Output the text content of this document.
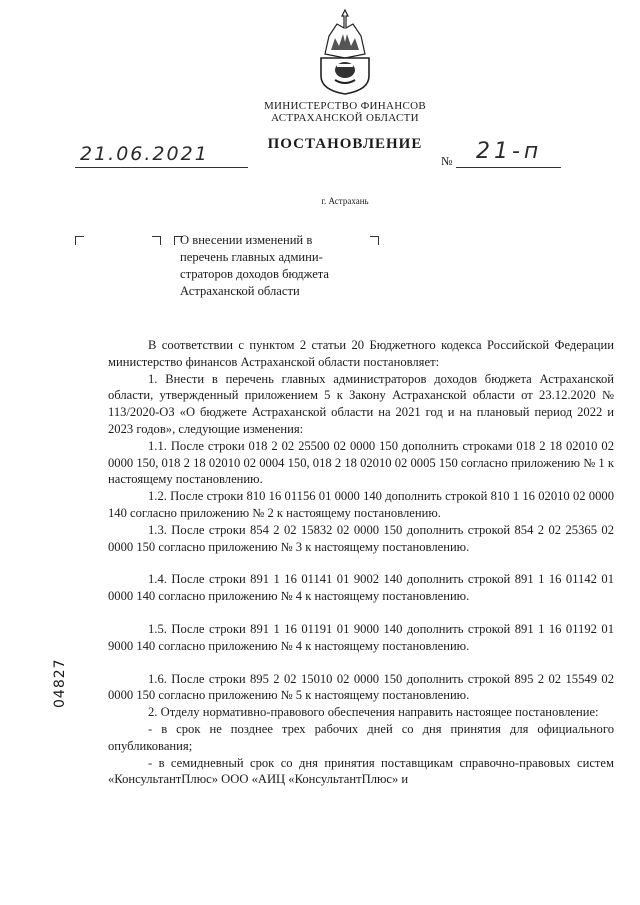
МИНИСТЕРСТВО ФИНАНСОВ
АСТРАХАНСКОЙ ОБЛАСТИ
ПОСТАНОВЛЕНИЕ
21.06.2021	№ 21-п
г. Астрахань
О внесении изменений в
перечень главных админи-
страторов доходов бюджета
Астраханской области

В соответствии с пунктом 2 статьи 20 Бюджетного кодекса Российской Федерации министерство финансов Астраханской области постановляет:

1. Внести в перечень главных администраторов доходов бюджета Астраханской области, утвержденный приложением 5 к Закону Астраханской области от 23.12.2020 № 113/2020-ОЗ «О бюджете Астраханской области на 2021 год и на плановый период 2022 и 2023 годов», следующие изменения:

1.1. После строки 018 2 02 25500 02 0000 150 дополнить строками 018 2 18 02010 02 0000 150, 018 2 18 02010 02 0004 150, 018 2 18 02010 02 0005 150 согласно приложению № 1 к настоящему постановлению.

1.2. После строки 810 16 01156 01 0000 140 дополнить строкой 810 1 16 02010 02 0000 140 согласно приложению № 2 к настоящему постановлению.

1.3. После строки 854 2 02 15832 02 0000 150 дополнить строкой 854 2 02 25365 02 0000 150 согласно приложению № 3 к настоящему постановлению.

1.4. После строки 891 1 16 01141 01 9002 140 дополнить строкой 891 1 16 01142 01 0000 140 согласно приложению № 4 к настоящему постановлению.

1.5. После строки 891 1 16 01191 01 9000 140 дополнить строкой 891 1 16 01192 01 9000 140 согласно приложению № 4 к настоящему постановлению.

1.6. После строки 895 2 02 15010 02 0000 150 дополнить строкой 895 2 02 15549 02 0000 150 согласно приложению № 5 к настоящему постановлению.

2. Отделу нормативно-правового обеспечения направить настоящее постановление:

- в срок не позднее трех рабочих дней со дня принятия для официального опубликования;

- в семидневный срок со дня принятия поставщикам справочно-правовых систем «КонсультантПлюс» ООО «АИЦ «КонсультантПлюс» и

04827
